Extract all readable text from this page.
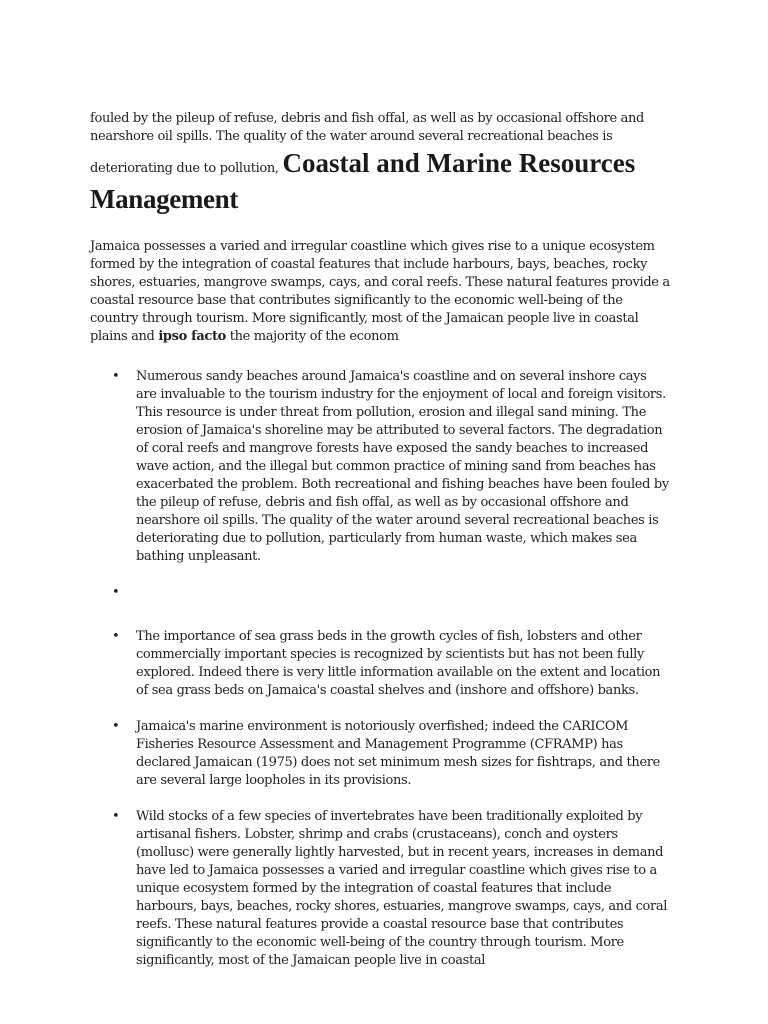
fouled by the pileup of refuse, debris and fish offal, as well as by occasional offshore and nearshore oil spills. The quality of the water around several recreational beaches is deteriorating due to pollution, Coastal and Marine Resources
Management

Jamaica possesses a varied and irregular coastline which gives rise to a unique ecosystem formed by the integration of coastal features that include harbours, bays, beaches, rocky shores, estuaries, mangrove swamps, cays, and coral reefs. These natural features provide a coastal resource base that contributes significantly to the economic well-being of the country through tourism. More significantly, most of the Jamaican people live in coastal plains and ipso facto the majority of the econom

• Numerous sandy beaches around Jamaica's coastline and on several inshore cays are invaluable to the tourism industry for the enjoyment of local and foreign visitors. This resource is under threat from pollution, erosion and illegal sand mining. The erosion of Jamaica's shoreline may be attributed to several factors. The degradation of coral reefs and mangrove forests have exposed the sandy beaches to increased wave action, and the illegal but common practice of mining sand from beaches has exacerbated the problem. Both recreational and fishing beaches have been fouled by the pileup of refuse, debris and fish offal, as well as by occasional offshore and nearshore oil spills. The quality of the water around several recreational beaches is deteriorating due to pollution, particularly from human waste, which makes sea bathing unpleasant.
•
• The importance of sea grass beds in the growth cycles of fish, lobsters and other commercially important species is recognized by scientists but has not been fully explored. Indeed there is very little information available on the extent and location of sea grass beds on Jamaica's coastal shelves and (inshore and offshore) banks.
• Jamaica's marine environment is notoriously overfished; indeed the CARICOM Fisheries Resource Assessment and Management Programme (CFRAMP) has declared Jamaican (1975) does not set minimum mesh sizes for fishtraps, and there are several large loopholes in its provisions.
• Wild stocks of a few species of invertebrates have been traditionally exploited by artisanal fishers. Lobster, shrimp and crabs (crustaceans), conch and oysters (mollusc) were generally lightly harvested, but in recent years, increases in demand have led to Jamaica possesses a varied and irregular coastline which gives rise to a unique ecosystem formed by the integration of coastal features that include harbours, bays, beaches, rocky shores, estuaries, mangrove swamps, cays, and coral reefs. These natural features provide a coastal resource base that contributes significantly to the economic well-being of the country through tourism. More significantly, most of the Jamaican people live in coastal
